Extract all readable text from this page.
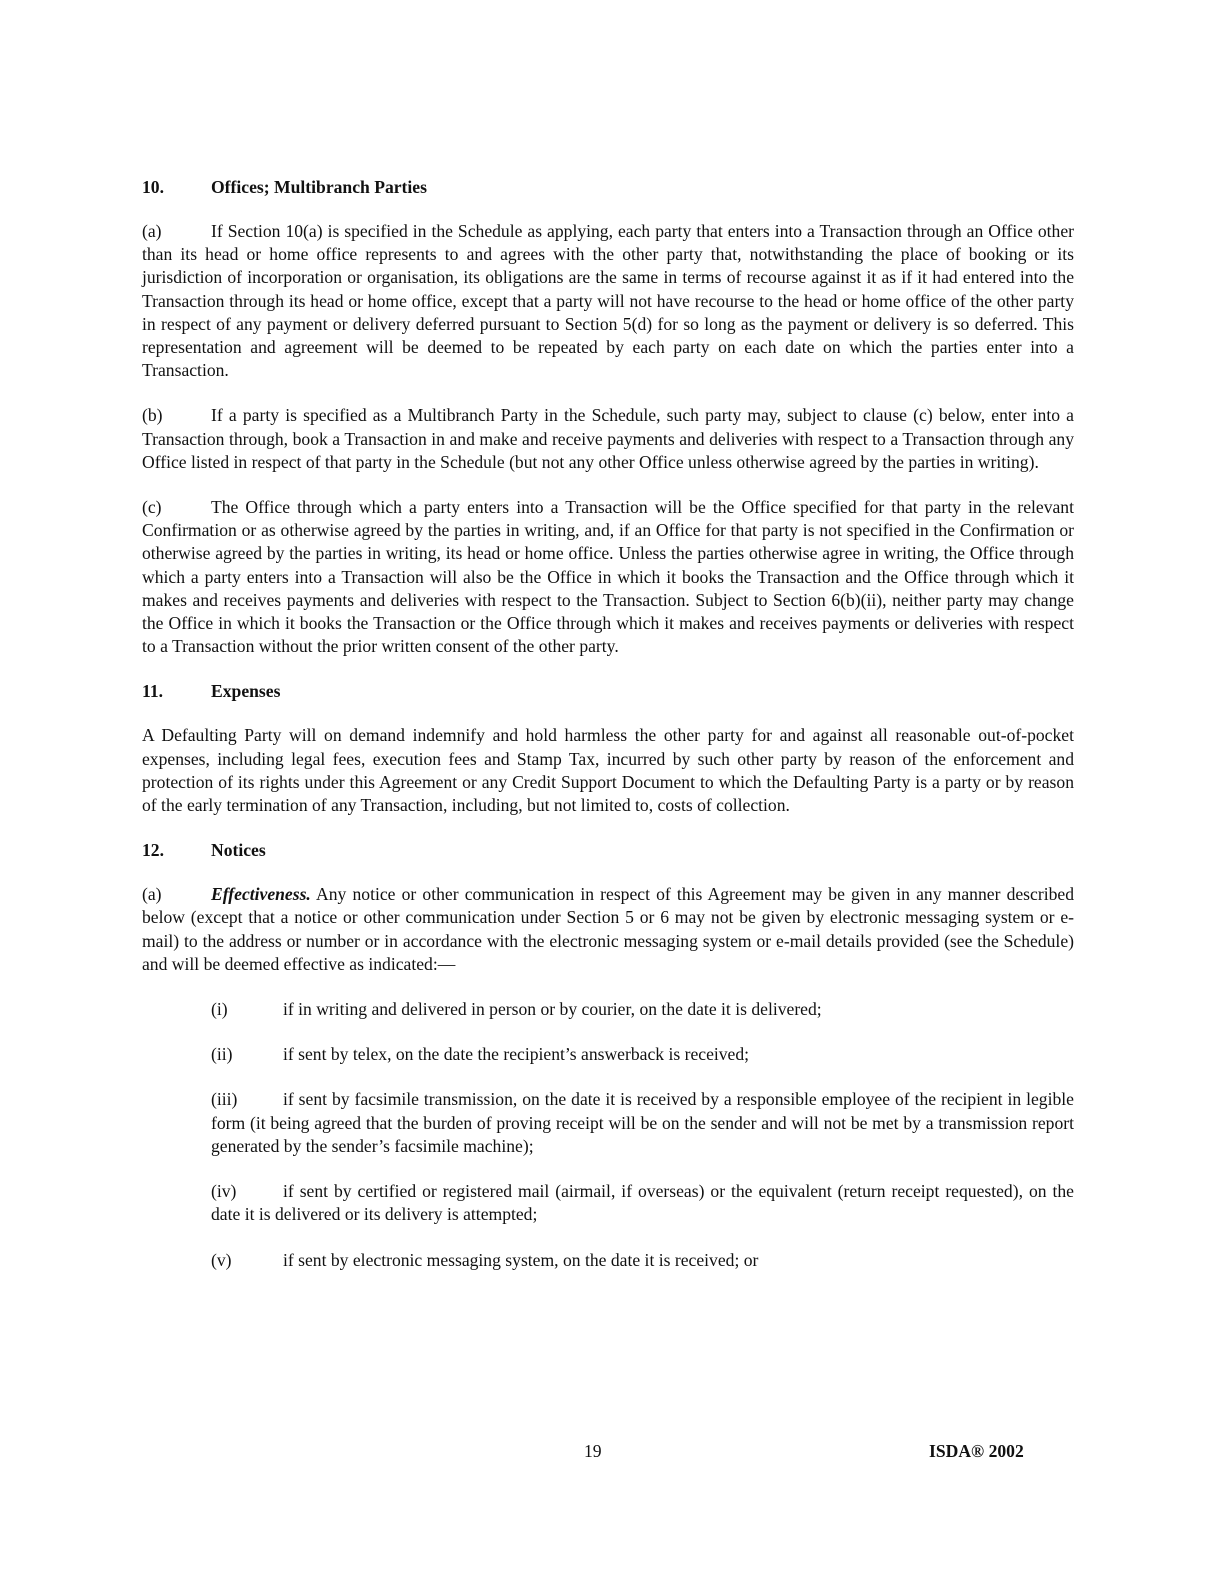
10.	Offices; Multibranch Parties
(a)	If Section 10(a) is specified in the Schedule as applying, each party that enters into a Transaction through an Office other than its head or home office represents to and agrees with the other party that, notwithstanding the place of booking or its jurisdiction of incorporation or organisation, its obligations are the same in terms of recourse against it as if it had entered into the Transaction through its head or home office, except that a party will not have recourse to the head or home office of the other party in respect of any payment or delivery deferred pursuant to Section 5(d) for so long as the payment or delivery is so deferred. This representation and agreement will be deemed to be repeated by each party on each date on which the parties enter into a Transaction.
(b)	If a party is specified as a Multibranch Party in the Schedule, such party may, subject to clause (c) below, enter into a Transaction through, book a Transaction in and make and receive payments and deliveries with respect to a Transaction through any Office listed in respect of that party in the Schedule (but not any other Office unless otherwise agreed by the parties in writing).
(c)	The Office through which a party enters into a Transaction will be the Office specified for that party in the relevant Confirmation or as otherwise agreed by the parties in writing, and, if an Office for that party is not specified in the Confirmation or otherwise agreed by the parties in writing, its head or home office. Unless the parties otherwise agree in writing, the Office through which a party enters into a Transaction will also be the Office in which it books the Transaction and the Office through which it makes and receives payments and deliveries with respect to the Transaction. Subject to Section 6(b)(ii), neither party may change the Office in which it books the Transaction or the Office through which it makes and receives payments or deliveries with respect to a Transaction without the prior written consent of the other party.
11.	Expenses
A Defaulting Party will on demand indemnify and hold harmless the other party for and against all reasonable out-of-pocket expenses, including legal fees, execution fees and Stamp Tax, incurred by such other party by reason of the enforcement and protection of its rights under this Agreement or any Credit Support Document to which the Defaulting Party is a party or by reason of the early termination of any Transaction, including, but not limited to, costs of collection.
12.	Notices
(a)	Effectiveness. Any notice or other communication in respect of this Agreement may be given in any manner described below (except that a notice or other communication under Section 5 or 6 may not be given by electronic messaging system or e-mail) to the address or number or in accordance with the electronic messaging system or e-mail details provided (see the Schedule) and will be deemed effective as indicated:—
(i)	if in writing and delivered in person or by courier, on the date it is delivered;
(ii)	if sent by telex, on the date the recipient’s answerback is received;
(iii)	if sent by facsimile transmission, on the date it is received by a responsible employee of the recipient in legible form (it being agreed that the burden of proving receipt will be on the sender and will not be met by a transmission report generated by the sender’s facsimile machine);
(iv)	if sent by certified or registered mail (airmail, if overseas) or the equivalent (return receipt requested), on the date it is delivered or its delivery is attempted;
(v)	if sent by electronic messaging system, on the date it is received; or
19	ISDA® 2002
